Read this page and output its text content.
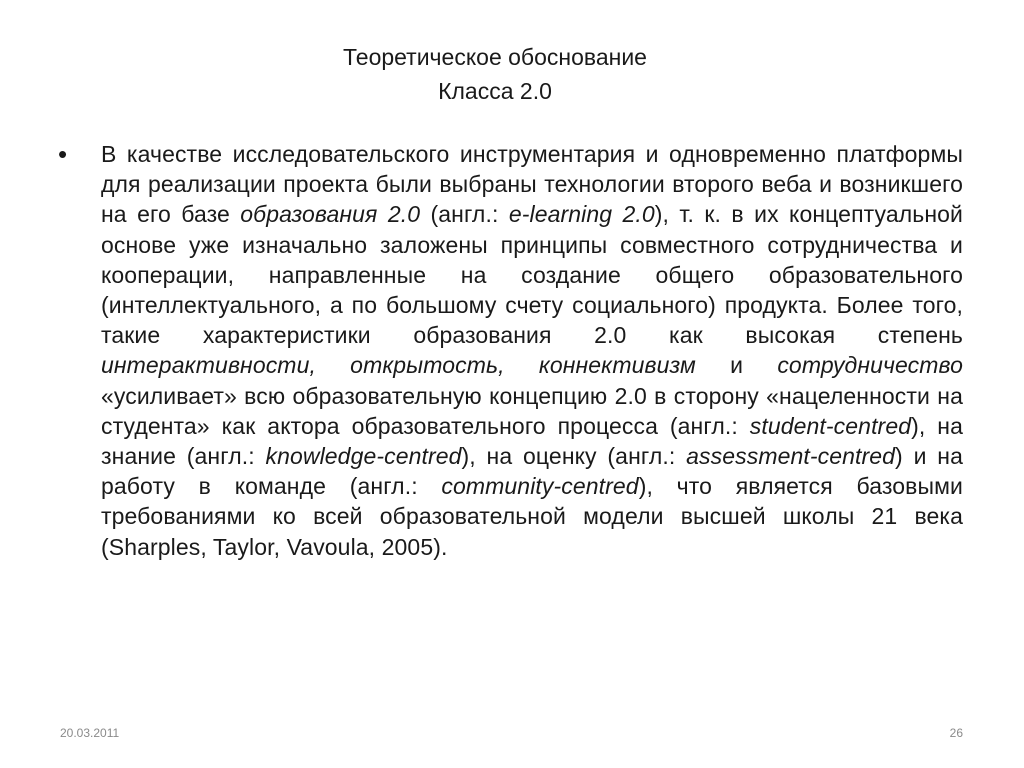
Теоретическое обоснование
Класса 2.0
• В качестве исследовательского инструментария и одновременно платформы для реализации проекта были выбраны технологии второго веба и возникшего на его базе образования 2.0 (англ.: e-learning 2.0), т. к. в их концептуальной основе уже изначально заложены принципы совместного сотрудничества и кооперации, направленные на создание общего образовательного (интеллектуального, а по большому счету социального) продукта. Более того, такие характеристики образования 2.0 как высокая степень интерактивности, открытость, коннективизм и сотрудничество «усиливает» всю образовательную концепцию 2.0 в сторону «нацеленности на студента» как актора образовательного процесса (англ.: student-centred), на знание (англ.: knowledge-centred), на оценку (англ.: assessment-centred) и на работу в команде (англ.: community-centred), что является базовыми требованиями ко всей образовательной модели высшей школы 21 века (Sharples, Taylor, Vavoula, 2005).

20.03.2011	26
